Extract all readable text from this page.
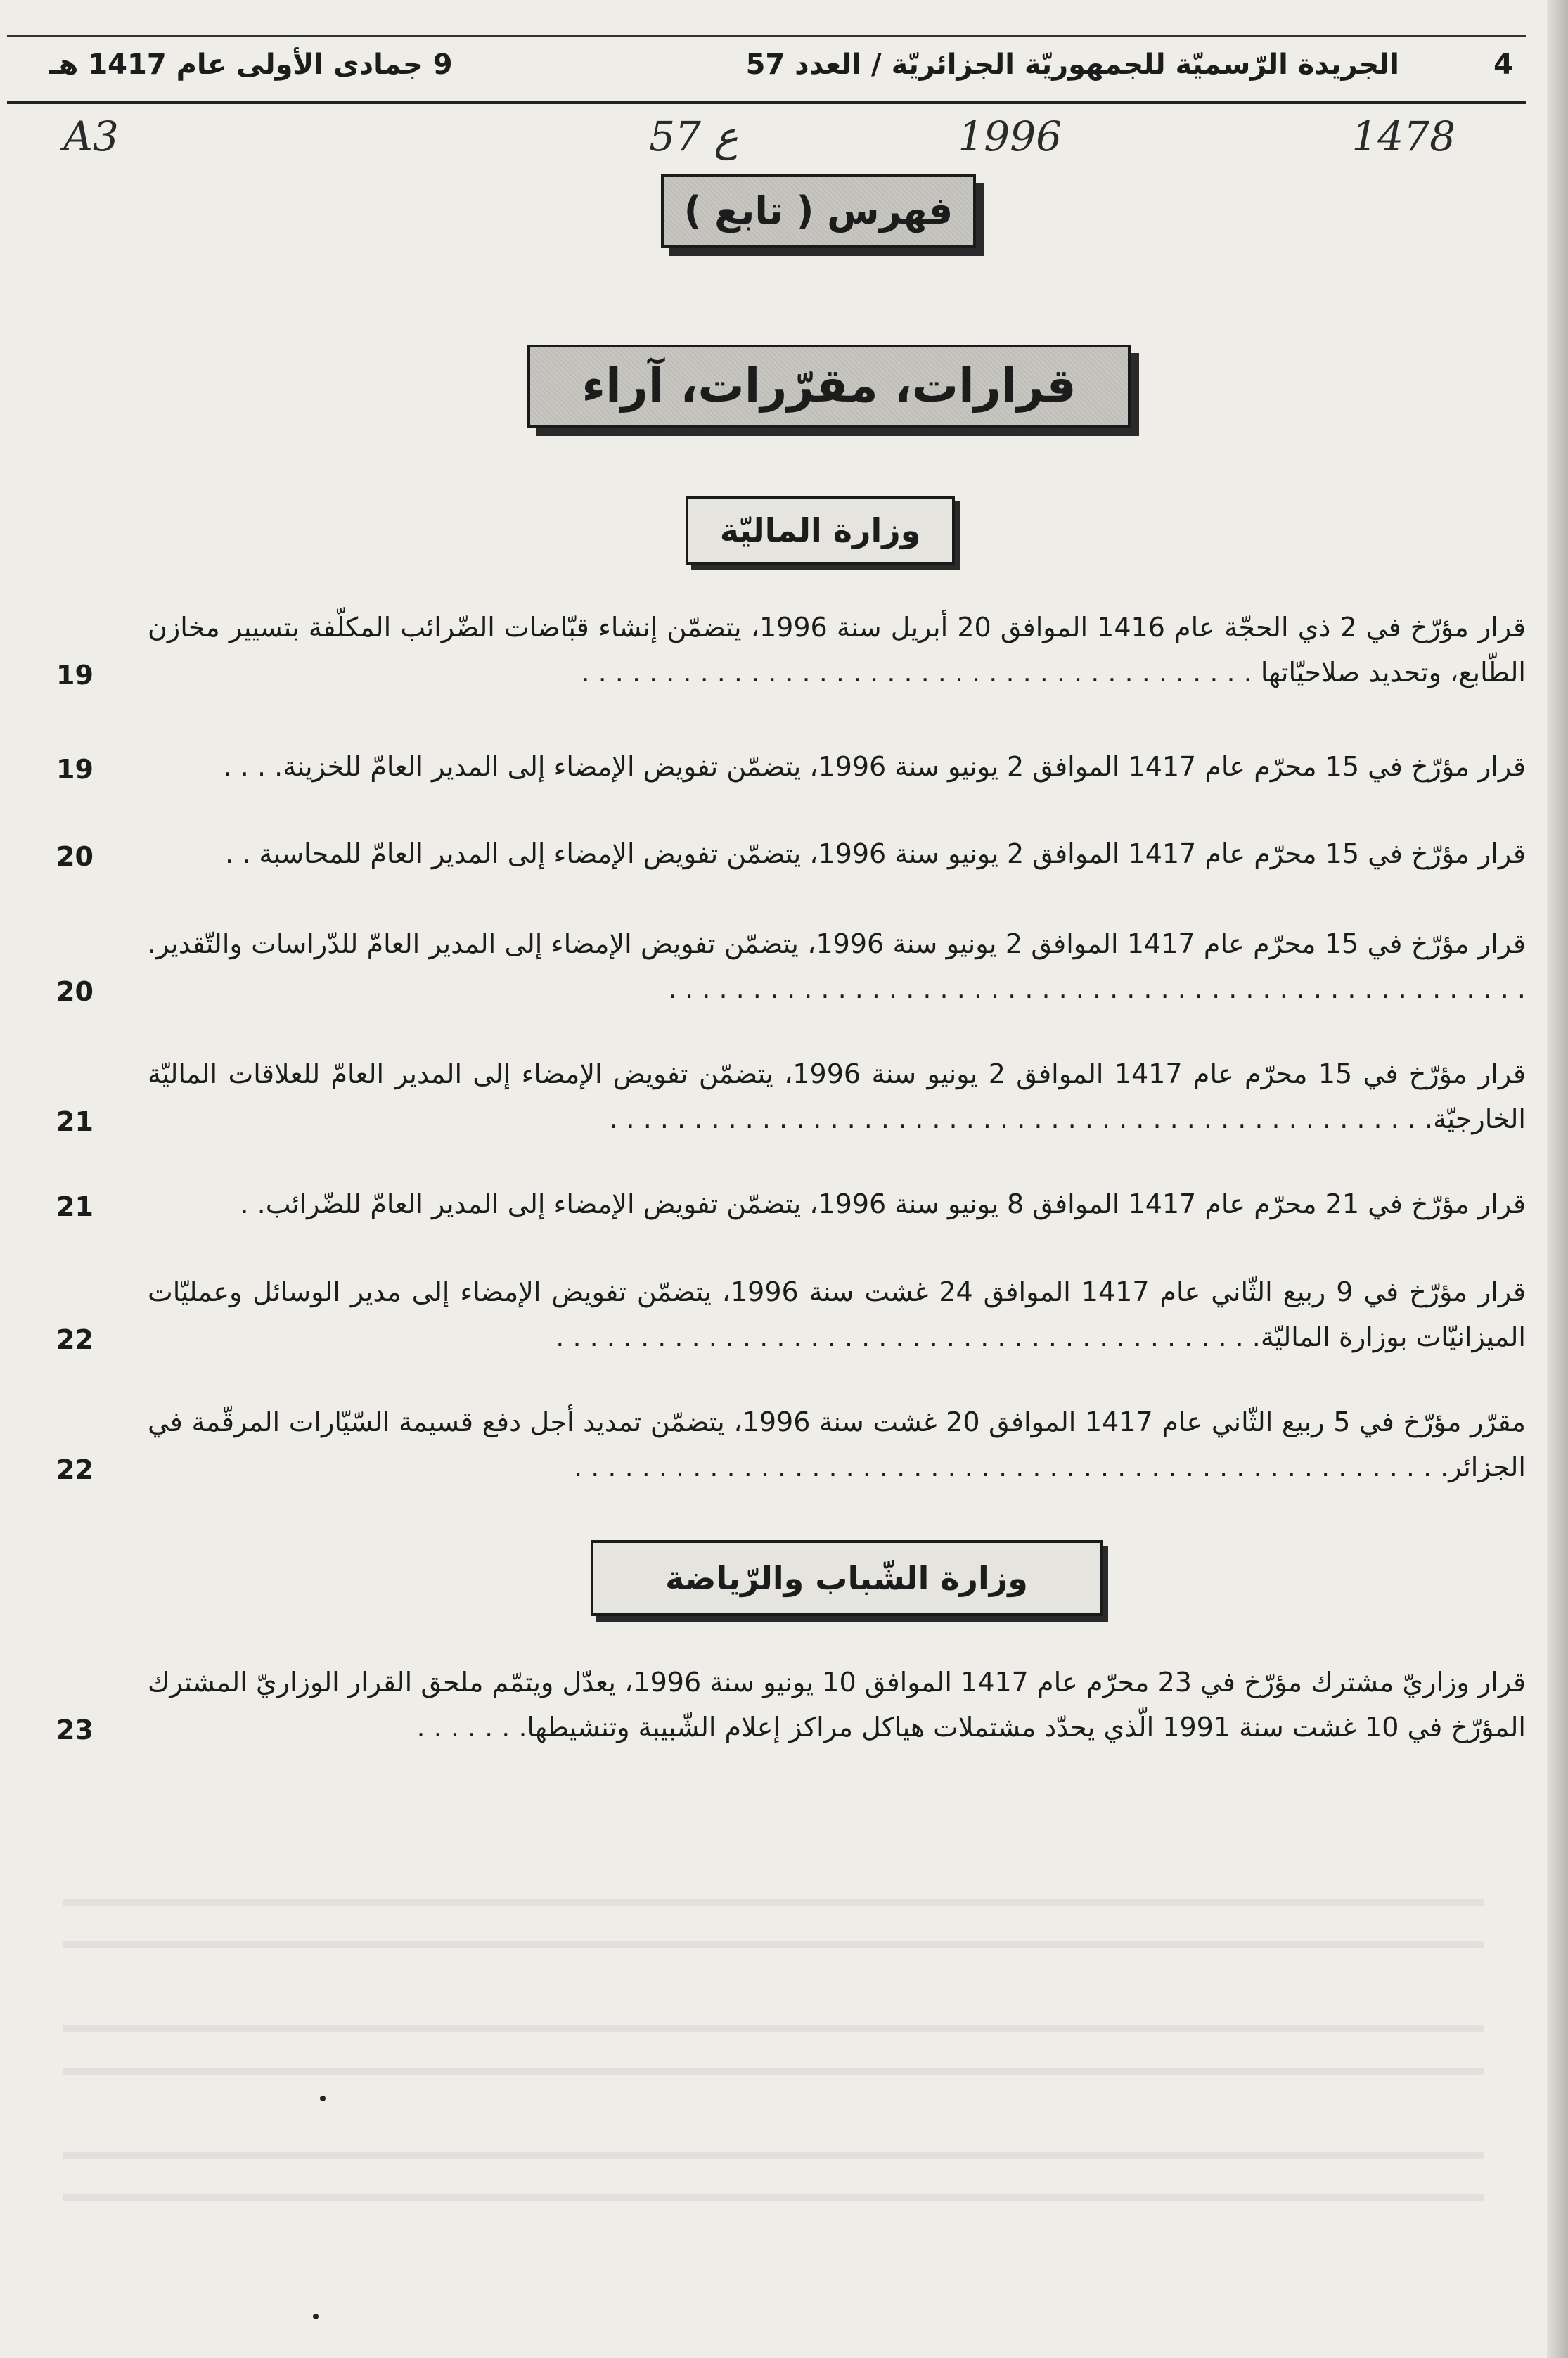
4
الجريدة الرّسميّة للجمهوريّة الجزائريّة / العدد 57
9 جمادى الأولى عام 1417 هـ
1478
1996
ع 57
A3
فهرس ( تابع )
قرارات، مقرّرات، آراء
وزارة الماليّة
قرار مؤرّخ في 2 ذي الحجّة عام 1416 الموافق 20 أبريل سنة 1996، يتضمّن إنشاء قبّاضات الضّرائب المكلّفة بتسيير مخازن الطّابع، وتحديد صلاحيّاتها . . . . . . . . . . . . . . . . . . . . . . . . . . . . . . . . . . . . . . . .
19
قرار مؤرّخ في 15 محرّم عام 1417 الموافق 2 يونيو سنة 1996، يتضمّن تفويض الإمضاء إلى المدير العامّ للخزينة. . . .
19
قرار مؤرّخ في 15 محرّم عام 1417 الموافق 2 يونيو سنة 1996، يتضمّن تفويض الإمضاء إلى المدير العامّ للمحاسبة . .
20
قرار مؤرّخ في 15 محرّم عام 1417 الموافق 2 يونيو سنة 1996، يتضمّن تفويض الإمضاء إلى المدير العامّ للدّراسات والتّقدير. . . . . . . . . . . . . . . . . . . . . . . . . . . . . . . . . . . . . . . . . . . . . . . . . . . .
20
قرار مؤرّخ في 15 محرّم عام 1417 الموافق 2 يونيو سنة 1996، يتضمّن تفويض الإمضاء إلى المدير العامّ للعلاقات الماليّة الخارجيّة. . . . . . . . . . . . . . . . . . . . . . . . . . . . . . . . . . . . . . . . . . . . . . . . .
21
قرار مؤرّخ في 21 محرّم عام 1417 الموافق 8 يونيو سنة 1996، يتضمّن تفويض الإمضاء إلى المدير العامّ للضّرائب. .
21
قرار مؤرّخ في 9 ربيع الثّاني عام 1417 الموافق 24 غشت سنة 1996، يتضمّن تفويض الإمضاء إلى مدير الوسائل وعمليّات الميزانيّات بوزارة الماليّة. . . . . . . . . . . . . . . . . . . . . . . . . . . . . . . . . . . . . . . . . .
22
مقرّر مؤرّخ في 5 ربيع الثّاني عام 1417 الموافق 20 غشت سنة 1996، يتضمّن تمديد أجل دفع قسيمة السّيّارات المرقّمة في الجزائر. . . . . . . . . . . . . . . . . . . . . . . . . . . . . . . . . . . . . . . . . . . . . . . . . . . .
22
وزارة الشّباب والرّياضة
قرار وزاريّ مشترك مؤرّخ في 23 محرّم عام 1417 الموافق 10 يونيو سنة 1996، يعدّل ويتمّم ملحق القرار الوزاريّ المشترك المؤرّخ في 10 غشت سنة 1991 الّذي يحدّد مشتملات هياكل مراكز إعلام الشّبيبة وتنشيطها. . . . . . .
23
